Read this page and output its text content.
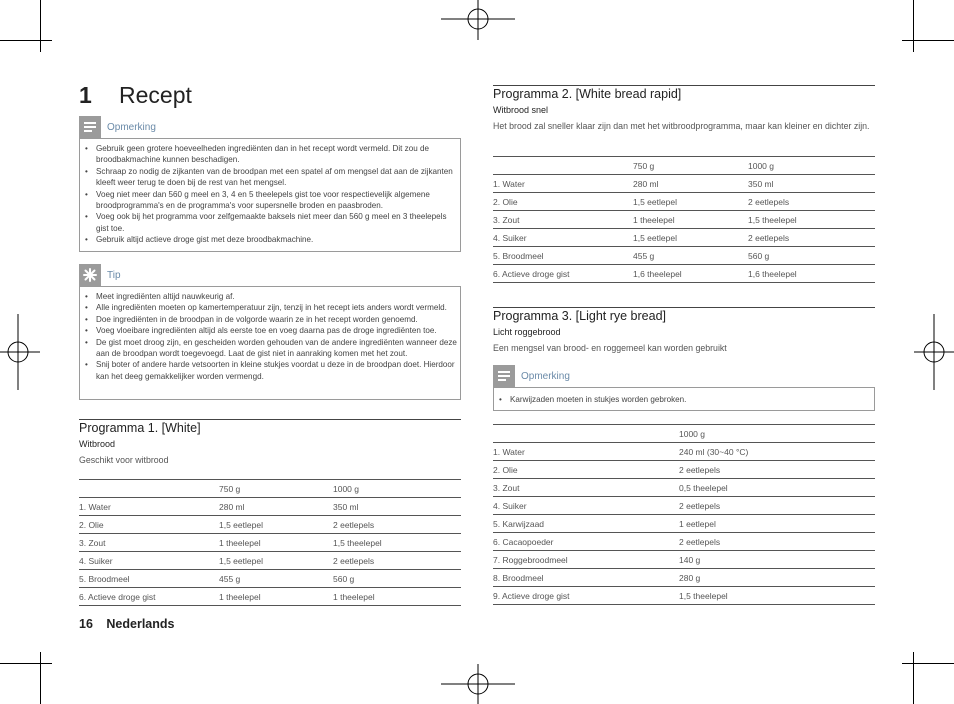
1 Recept
Opmerking
• Gebruik geen grotere hoeveelheden ingrediënten dan in het recept wordt vermeld. Dit zou de broodbakmachine kunnen beschadigen.
• Schraap zo nodig de zijkanten van de broodpan met een spatel af om mengsel dat aan de zijkanten kleeft weer terug te doen bij de rest van het mengsel.
• Voeg niet meer dan 560 g meel en 3, 4 en 5 theelepels gist toe voor respectievelijk algemene broodprogramma's en de programma's voor supersnelle broden en paasbroden.
• Voeg ook bij het programma voor zelfgemaakte baksels niet meer dan 560 g meel en 3 theelepels gist toe.
• Gebruik altijd actieve droge gist met deze broodbakmachine.
Tip
• Meet ingrediënten altijd nauwkeurig af.
• Alle ingrediënten moeten op kamertemperatuur zijn, tenzij in het recept iets anders wordt vermeld.
• Doe ingrediënten in de broodpan in de volgorde waarin ze in het recept worden genoemd.
• Voeg vloeibare ingrediënten altijd als eerste toe en voeg daarna pas de droge ingrediënten toe.
• De gist moet droog zijn, en gescheiden worden gehouden van de andere ingrediënten wanneer deze aan de broodpan wordt toegevoegd. Laat de gist niet in aanraking komen met het zout.
• Snij boter of andere harde vetsoorten in kleine stukjes voordat u deze in de broodpan doet. Hierdoor kan het deeg gemakkelijker worden vermengd.
Programma 1. [White]
Witbrood
Geschikt voor witbrood
	750 g	1000 g
1. Water	280 ml	350 ml
2. Olie	1,5 eetlepel	2 eetlepels
3. Zout	1 theelepel	1,5 theelepel
4. Suiker	1,5 eetlepel	2 eetlepels
5. Broodmeel	455 g	560 g
6. Actieve droge gist	1 theelepel	1 theelepel
16 Nederlands
Programma 2. [White bread rapid]
Witbrood snel
Het brood zal sneller klaar zijn dan met het witbroodprogramma, maar kan kleiner en dichter zijn.
	750 g	1000 g
1. Water	280 ml	350 ml
2. Olie	1,5 eetlepel	2 eetlepels
3. Zout	1 theelepel	1,5 theelepel
4. Suiker	1,5 eetlepel	2 eetlepels
5. Broodmeel	455 g	560 g
6. Actieve droge gist	1,6 theelepel	1,6 theelepel
Programma 3. [Light rye bread]
Licht roggebrood
Een mengsel van brood- en roggemeel kan worden gebruikt
Opmerking
• Karwijzaden moeten in stukjes worden gebroken.
	1000 g
1. Water	240 ml (30~40 °C)
2. Olie	2 eetlepels
3. Zout	0,5 theelepel
4. Suiker	2 eetlepels
5. Karwijzaad	1 eetlepel
6. Cacaopoeder	2 eetlepels
7. Roggebroodmeel	140 g
8. Broodmeel	280 g
9. Actieve droge gist	1,5 theelepel
